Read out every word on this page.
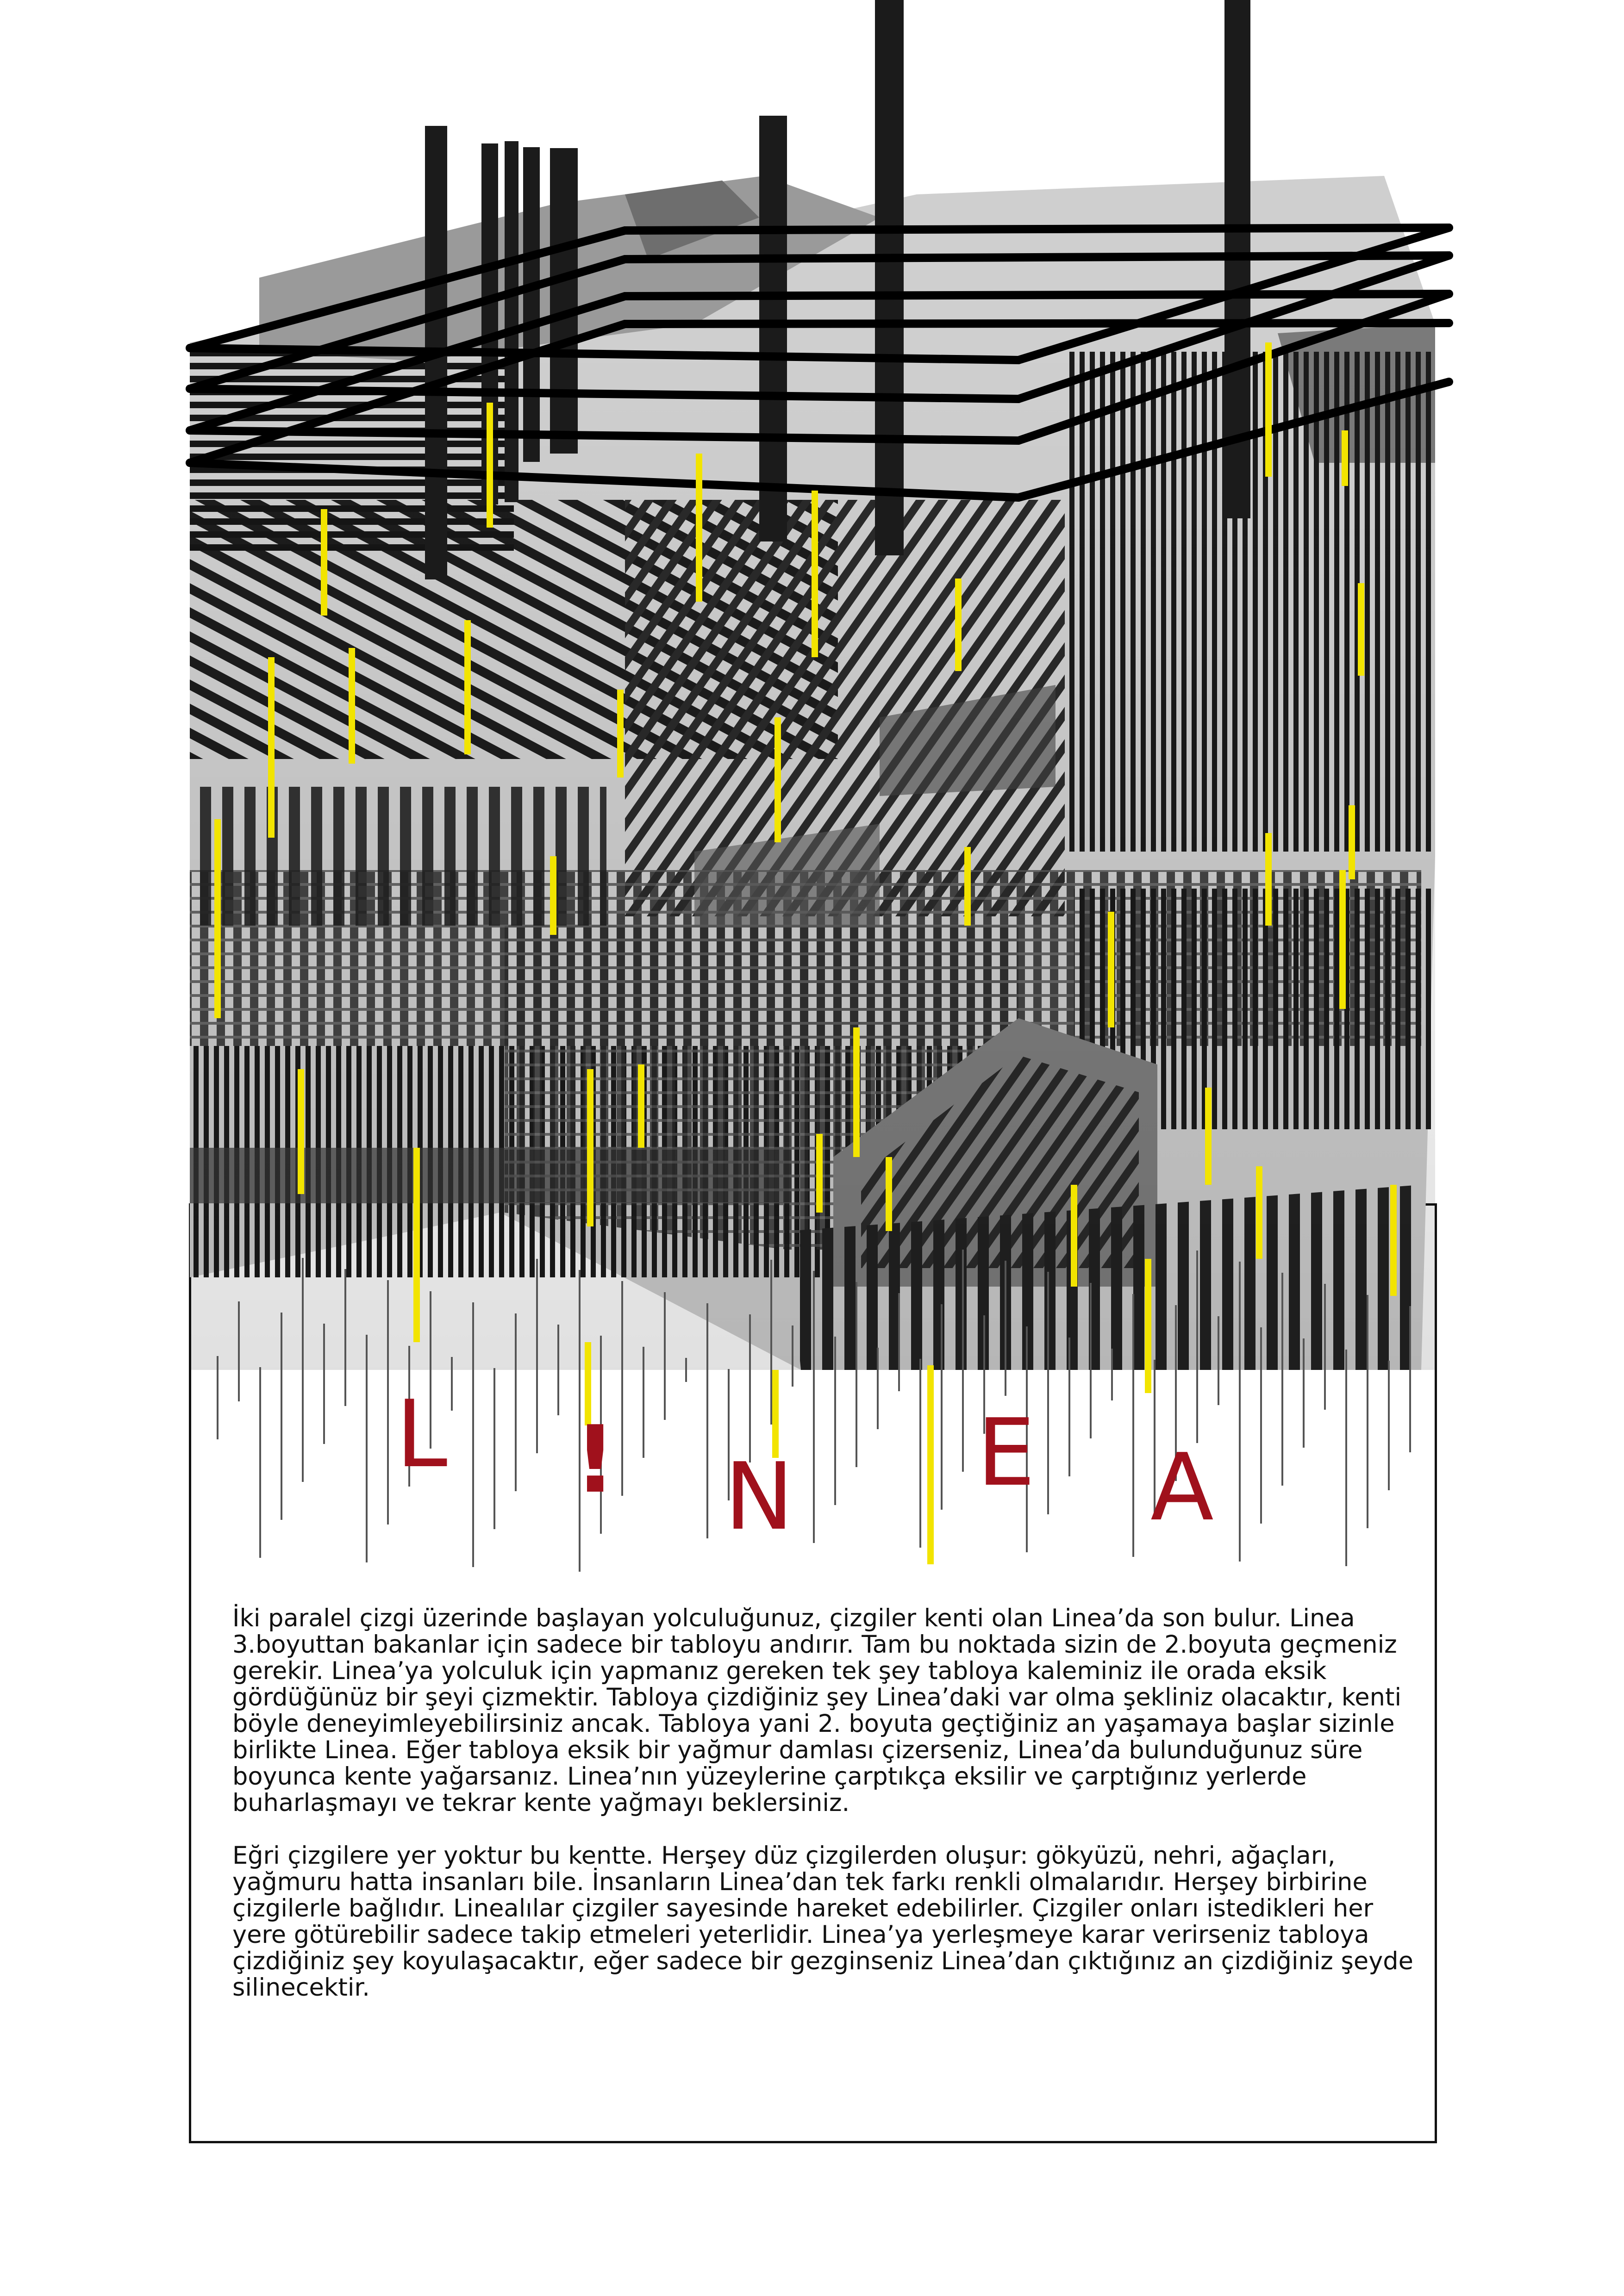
L ! N E A

İki paralel çizgi üzerinde başlayan yolculuğunuz, çizgiler kenti olan Linea’da son bulur. Linea 3.boyuttan bakanlar için sadece bir tabloyu andırır. Tam bu noktada sizin de 2.boyuta geçmeniz gerekir. Linea’ya yolculuk için yapmanız gereken tek şey tabloya kaleminiz ile orada eksik gördüğünüz bir şeyi çizmektir. Tabloya çizdiğiniz şey Linea’daki var olma şekliniz olacaktır, kenti böyle deneyimleyebilirsiniz ancak. Tabloya yani 2. boyuta geçtiğiniz an yaşamaya başlar sizinle birlikte Linea. Eğer tabloya eksik bir yağmur damlası çizerseniz, Linea’da bulunduğunuz süre boyunca kente yağarsanız. Linea’nın yüzeylerine çarptıkça eksilir ve çarptığınız yerlerde buharlaşmayı ve tekrar kente yağmayı beklersiniz.

Eğri çizgilere yer yoktur bu kentte. Herşey düz çizgilerden oluşur: gökyüzü, nehri, ağaçları, yağmuru hatta insanları bile. İnsanların Linea’dan tek farkı renkli olmalarıdır. Herşey birbirine çizgilerle bağlıdır. Linealılar çizgiler sayesinde hareket edebilirler. Çizgiler onları istedikleri her yere götürebilir sadece takip etmeleri yeterlidir. Linea’ya yerleşmeye karar verirseniz tabloya çizdiğiniz şey koyulaşacaktır, eğer sadece bir gezginseniz Linea’dan çıktığınız an çizdiğiniz şeyde silinecektir.
